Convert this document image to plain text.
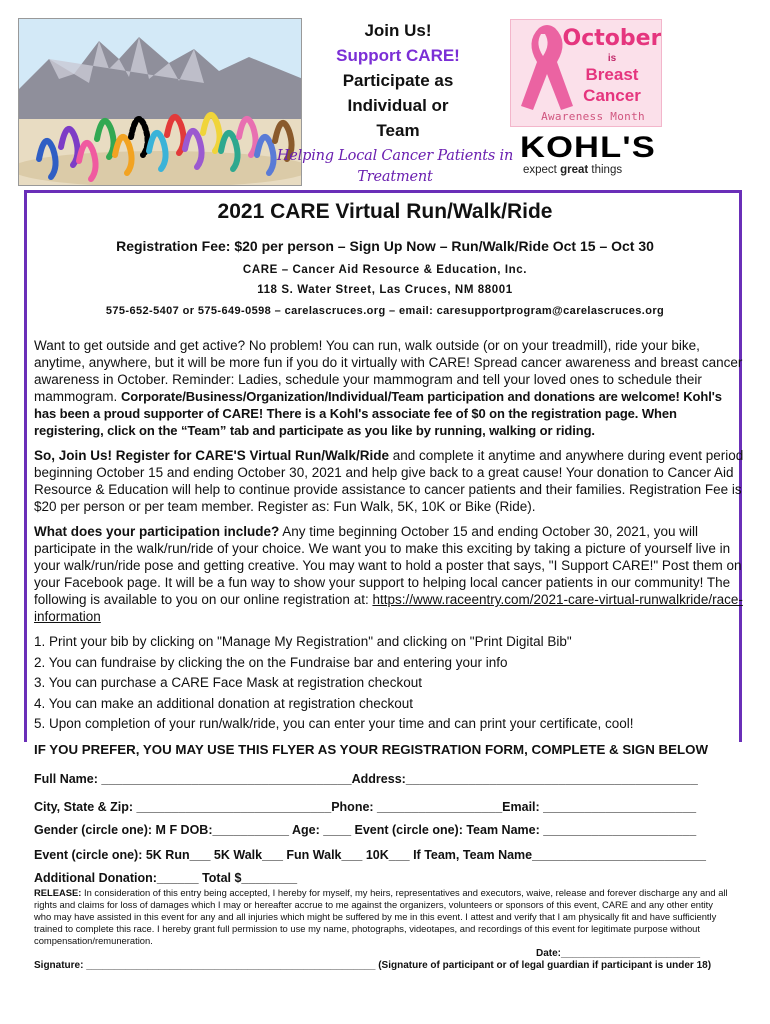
Join Us!
Support CARE!
Participate as
Individual or
Team
Helping Local Cancer Patients in
Treatment
October
is
Breast
Cancer
Awareness Month
KOHL'S
expect great things
2021 CARE Virtual Run/Walk/Ride
Registration Fee: $20 per person – Sign Up Now – Run/Walk/Ride Oct 15 – Oct 30
CARE – Cancer Aid Resource & Education, Inc.
118 S. Water Street, Las Cruces, NM 88001
575-652-5407 or 575-649-0598 – carelascruces.org – email: caresupportprogram@carelascruces.org
Want to get outside and get active? No problem! You can run, walk outside (or on your treadmill), ride your bike, anytime, anywhere, but it will be more fun if you do it virtually with CARE! Spread cancer awareness and breast cancer awareness in October. Reminder: Ladies, schedule your mammogram and tell your loved ones to schedule their mammogram. Corporate/Business/Organization/Individual/Team participation and donations are welcome! Kohl's has been a proud supporter of CARE! There is a Kohl's associate fee of $0 on the registration page. When registering, click on the “Team” tab and participate as you like by running, walking or riding.
So, Join Us! Register for CARE'S Virtual Run/Walk/Ride and complete it anytime and anywhere during event period beginning October 15 and ending October 30, 2021 and help give back to a great cause! Your donation to Cancer Aid Resource & Education will help to continue provide assistance to cancer patients and their families. Registration Fee is $20 per person or per team member. Register as: Fun Walk, 5K, 10K or Bike (Ride).
What does your participation include? Any time beginning October 15 and ending October 30, 2021, you will participate in the walk/run/ride of your choice. We want you to make this exciting by taking a picture of yourself live in your walk/run/ride pose and getting creative. You may want to hold a poster that says, "I Support CARE!" Post them on your Facebook page. It will be a fun way to show your support to helping local cancer patients in our community! The following is available to you on our online registration at: https://www.raceentry.com/2021-care-virtual-runwalkride/race-information
1. Print your bib by clicking on "Manage My Registration" and clicking on "Print Digital Bib"
2. You can fundraise by clicking the on the Fundraise bar and entering your info
3. You can purchase a CARE Face Mask at registration checkout
4. You can make an additional donation at registration checkout
5. Upon completion of your run/walk/ride, you can enter your time and can print your certificate, cool!
IF YOU PREFER, YOU MAY USE THIS FLYER AS YOUR REGISTRATION FORM, COMPLETE & SIGN BELOW
Full Name: ____________________________________Address:__________________________________________
City, State & Zip: ____________________________Phone: __________________Email: ______________________
Gender (circle one): M F DOB:___________ Age: ____ Event (circle one): Team Name: ______________________
Event (circle one): 5K Run___ 5K Walk___ Fun Walk___ 10K___ If Team, Team Name_________________________
Additional Donation:______ Total $________
RELEASE: In consideration of this entry being accepted, I hereby for myself, my heirs, representatives and executors, waive, release and forever discharge any and all rights and claims for loss of damages which I may or hereafter accrue to me against the organizers, volunteers or sponsors of this event, CARE and any other entity who may have assisted in this event for any and all injuries which might be suffered by me in this event. I attest and verify that I am physically fit and have sufficiently trained to complete this race. I hereby grant full permission to use my name, photographs, videotapes, and recordings of this event for legitimate purpose without compensation/remuneration.
Date:_________________________
Signature: ____________________________________________________ (Signature of participant or of legal guardian if participant is under 18)
